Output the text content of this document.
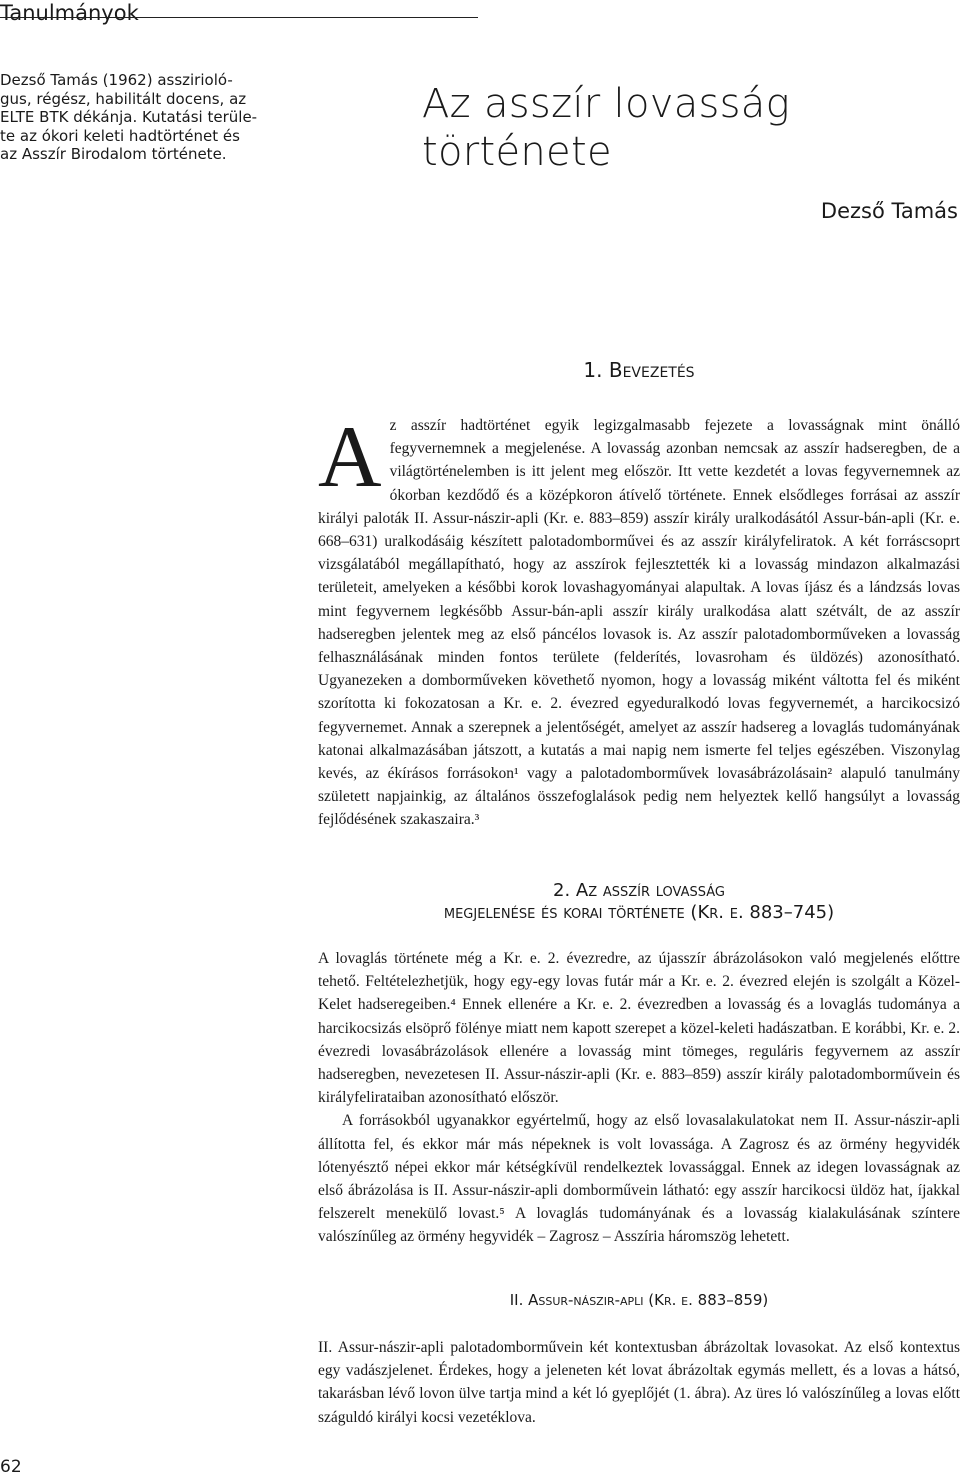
Tanulmányok
Dezső Tamás (1962) asszirioló-
gus, régész, habilitált docens, az
ELTE BTK dékánja. Kutatási terüle-
te az ókori keleti hadtörténet és
az Asszír Birodalom története.
Az asszír lovasság története
Dezső Tamás
1. Bevezetés
A z asszír hadtörténet egyik legizgalmasabb fejezete a lovasságnak mint önálló fegyvernemnek a megjelenése. A lovasság azonban nemcsak az asszír hadseregben, de a világtörténelemben is itt jelent meg először. Itt vette kezdetét a lovas fegyvernemnek az ókorban kezdődő és a középkoron átívelő története. Ennek elsődleges forrásai az asszír királyi paloták II. Assur-nászir-apli (Kr. e. 883–859) asszír király uralkodásától Assur-bán-apli (Kr. e. 668–631) uralkodásáig készített palotadomborművei és az asszír királyfeliratok. A két forráscsoprt vizsgálatából megállapítható, hogy az asszírok fejlesztették ki a lovasság mindazon alkalmazási területeit, amelyeken a későbbi korok lovashagyományai alapultak. A lovas íjász és a lándzsás lovas mint fegyvernem legkésőbb Assur-bán-apli asszír király uralkodása alatt szétvált, de az asszír hadseregben jelentek meg az első páncélos lovasok is. Az asszír palotadomborműveken a lovasság felhasználásának minden fontos területe (felderítés, lovasroham és üldözés) azonosítható. Ugyanezeken a domborműveken követhető nyomon, hogy a lovasság miként váltotta fel és miként szorította ki fokozatosan a Kr. e. 2. évezred egyeduralkodó lovas fegyvernemét, a harcikocsizó fegyvernemet. Annak a szerepnek a jelentőségét, amelyet az asszír hadsereg a lovaglás tudományának katonai alkalmazásában játszott, a kutatás a mai napig nem ismerte fel teljes egészében. Viszonylag kevés, az ékírásos forrásokon¹ vagy a palotadomborművek lovasábrázolásain² alapuló tanulmány született napjainkig, az általános összefoglalások pedig nem helyeztek kellő hangsúlyt a lovasság fejlődésének szakaszaira.³
2. Az asszír lovasság
megjelenése és korai története (Kr. e. 883–745)
A lovaglás története még a Kr. e. 2. évezredre, az újasszír ábrázolásokon való megjelenés előttre tehető. Feltételezhetjük, hogy egy-egy lovas futár már a Kr. e. 2. évezred elején is szolgált a Közel-Kelet hadseregeiben.⁴ Ennek ellenére a Kr. e. 2. évezredben a lovasság és a lovaglás tudománya a harcikocsizás elsöprő fölénye miatt nem kapott szerepet a közel-keleti hadászatban. E korábbi, Kr. e. 2. évezredi lovasábrázolások ellenére a lovasság mint tömeges, reguláris fegyvernem az asszír hadseregben, nevezetesen II. Assur-nászir-apli (Kr. e. 883–859) asszír király palotadomborművein és királyfelirataiban azonosítható először.
A forrásokból ugyanakkor egyértelmű, hogy az első lovasalakulatokat nem II. Assur-nászir-apli állította fel, és ekkor már más népeknek is volt lovassága. A Zagrosz és az örmény hegyvidék lótenyésztő népei ekkor már kétségkívül rendelkeztek lovassággal. Ennek az idegen lovasságnak az első ábrázolása is II. Assur-nászir-apli domborművein látható: egy asszír harcikocsi üldöz hat, íjakkal felszerelt menekülő lovast.⁵ A lovaglás tudományának és a lovasság kialakulásának színtere valószínűleg az örmény hegyvidék – Zagrosz – Asszíria háromszög lehetett.
II. Assur-nászir-apli (Kr. e. 883–859)
II. Assur-nászir-apli palotadomborművein két kontextusban ábrázoltak lovasokat. Az első kontextus egy vadászjelenet. Érdekes, hogy a jeleneten két lovat ábrázoltak egymás mellett, és a lovas a hátsó, takarásban lévő lovon ülve tartja mind a két ló gyeplőjét (1. ábra). Az üres ló valószínűleg a lovas előtt száguldó királyi kocsi vezetéklova.
62
